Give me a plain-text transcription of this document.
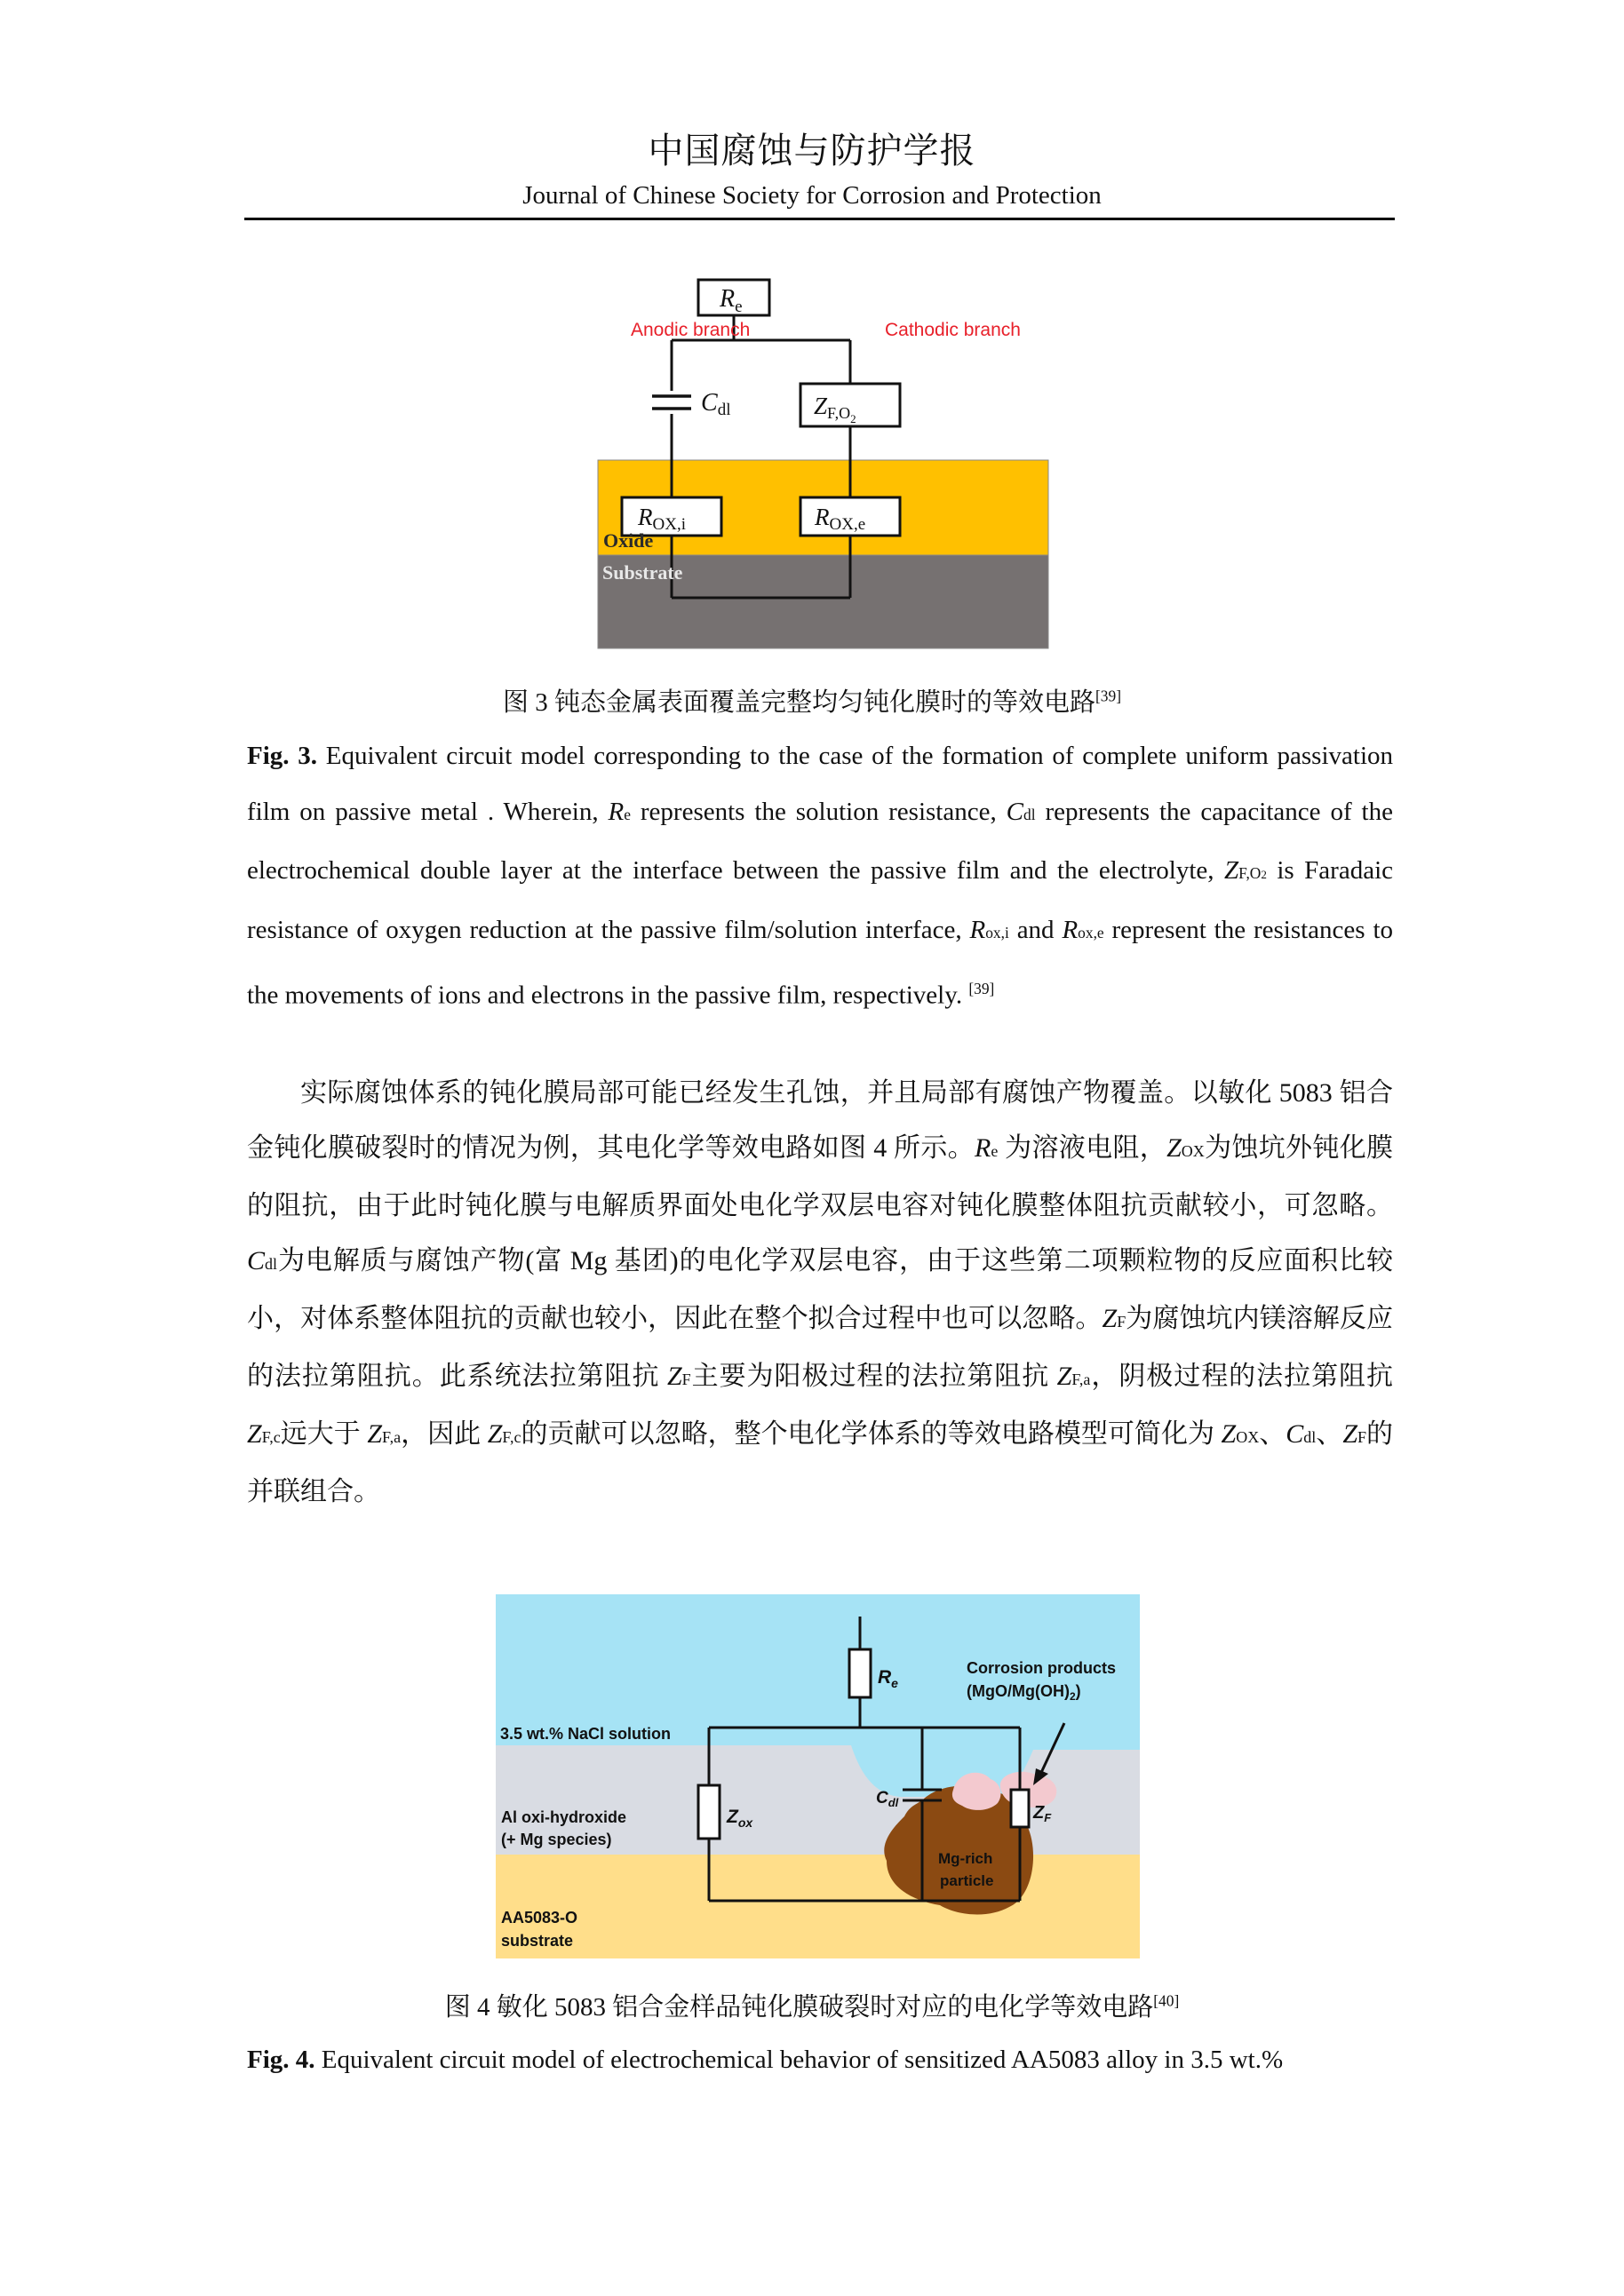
中国腐蚀与防护学报
Journal of Chinese Society for Corrosion and Protection
$R_e$
Anodic branch	Cathodic branch
Cdl	ZF,O2
ROX,i	ROX,e
Oxide
Substrate
图 3 钝态金属表面覆盖完整均匀钝化膜时的等效电路[39]
Fig. 3. Equivalent circuit model corresponding to the case of the formation of complete uniform passivation film on passive metal . Wherein, Re represents the solution resistance, Cdl represents the capacitance of the electrochemical double layer at the interface between the passive film and the electrolyte, ZF,O2 is Faradaic resistance of oxygen reduction at the passive film/solution interface, Rox,i and Rox,e represent the resistances to the movements of ions and electrons in the passive film, respectively. [39]
实际腐蚀体系的钝化膜局部可能已经发生孔蚀，并且局部有腐蚀产物覆盖。以敏化 5083 铝合金钝化膜破裂时的情况为例，其电化学等效电路如图 4 所示。Re 为溶液电阻，ZOX为蚀坑外钝化膜的阻抗，由于此时钝化膜与电解质界面处电化学双层电容对钝化膜整体阻抗贡献较小，可忽略。Cdl为电解质与腐蚀产物(富 Mg 基团)的电化学双层电容，由于这些第二项颗粒物的反应面积比较小，对体系整体阻抗的贡献也较小，因此在整个拟合过程中也可以忽略。ZF为腐蚀坑内镁溶解反应的法拉第阻抗。此系统法拉第阻抗 ZF主要为阳极过程的法拉第阻抗 ZF,a，阴极过程的法拉第阻抗 ZF,c远大于 ZF,a，因此 ZF,c的贡献可以忽略，整个电化学体系的等效电路模型可简化为 ZOX、Cdl、ZF的并联组合。
$R_e$
Corrosion products
$(MgO/Mg(OH)_2)$
3.5 wt.% NaCl solution
Al oxi-hydroxide
(+ Mg species)
$Z_{ox}$
$C_{dl}$
$Z_F$
Mg-rich
particle
AA5083-O
substrate
图 4 敏化 5083 铝合金样品钝化膜破裂时对应的电化学等效电路[40]
Fig. 4. Equivalent circuit model of electrochemical behavior of sensitized AA5083 alloy in 3.5 wt.%
